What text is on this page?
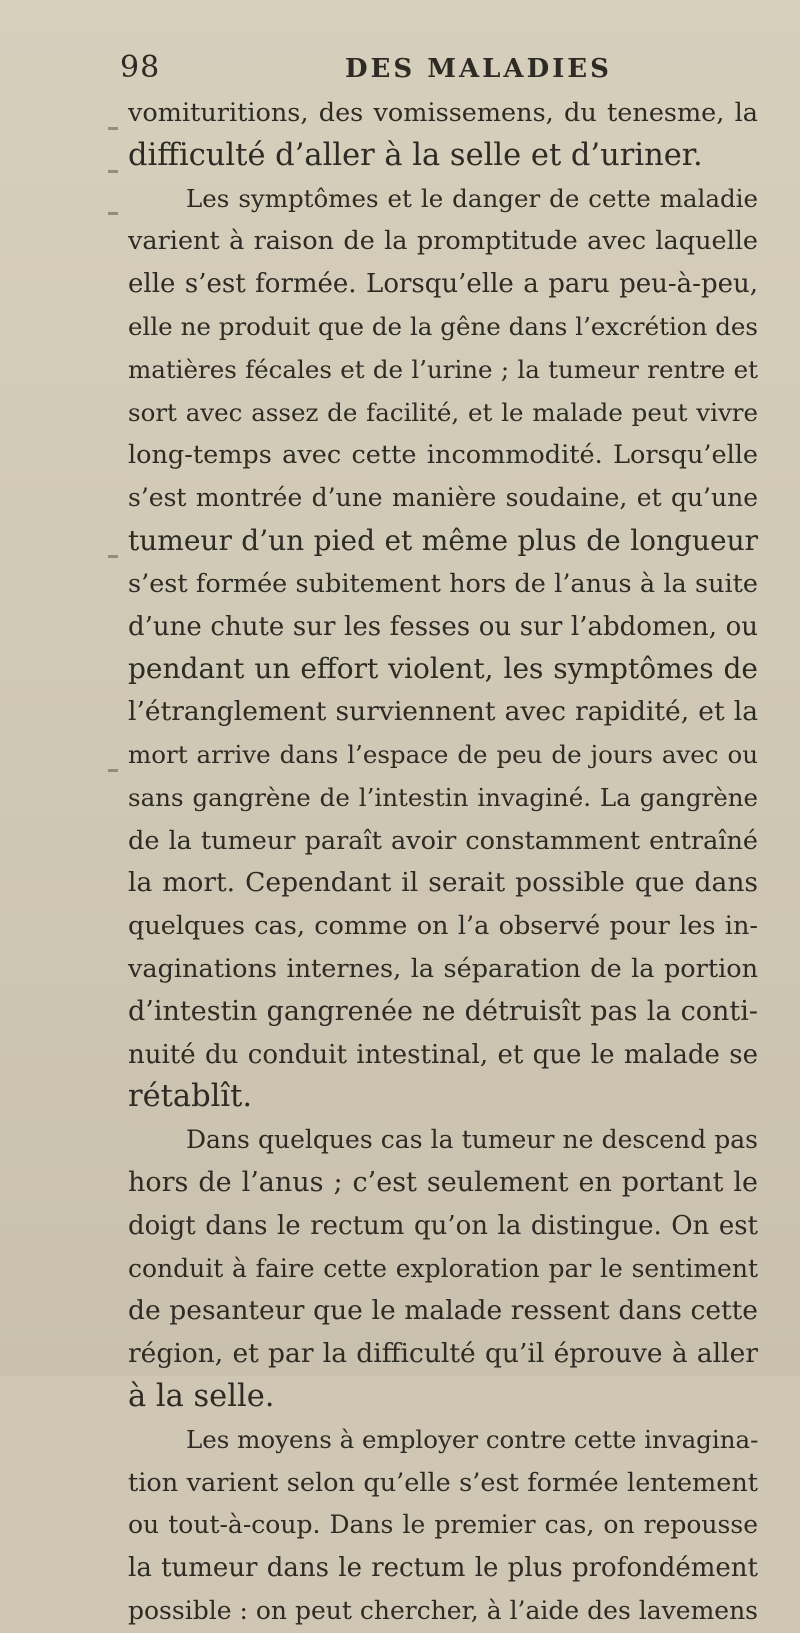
98	DES MALADIES
vomituritions, des vomissemens, du tenesme, la
difficulté d’aller à la selle et d’uriner.
Les symptômes et le danger de cette maladie
varient à raison de la promptitude avec laquelle
elle s’est formée. Lorsqu’elle a paru peu-à-peu,
elle ne produit que de la gêne dans l’excrétion des
matières fécales et de l’urine ; la tumeur rentre et
sort avec assez de facilité, et le malade peut vivre
long-temps avec cette incommodité. Lorsqu’elle
s’est montrée d’une manière soudaine, et qu’une
tumeur d’un pied et même plus de longueur
s’est formée subitement hors de l’anus à la suite
d’une chute sur les fesses ou sur l’abdomen, ou
pendant un effort violent, les symptômes de
l’étranglement surviennent avec rapidité, et la
mort arrive dans l’espace de peu de jours avec ou
sans gangrène de l’intestin invaginé. La gangrène
de la tumeur paraît avoir constamment entraîné
la mort. Cependant il serait possible que dans
quelques cas, comme on l’a observé pour les in-
vaginations internes, la séparation de la portion
d’intestin gangrenée ne détruisît pas la conti-
nuité du conduit intestinal, et que le malade se
rétablît.
Dans quelques cas la tumeur ne descend pas
hors de l’anus ; c’est seulement en portant le
doigt dans le rectum qu’on la distingue. On est
conduit à faire cette exploration par le sentiment
de pesanteur que le malade ressent dans cette
région, et par la difficulté qu’il éprouve à aller
à la selle.
Les moyens à employer contre cette invagina-
tion varient selon qu’elle s’est formée lentement
ou tout-à-coup. Dans le premier cas, on repousse
la tumeur dans le rectum le plus profondément
possible : on peut chercher, à l’aide des lavemens
